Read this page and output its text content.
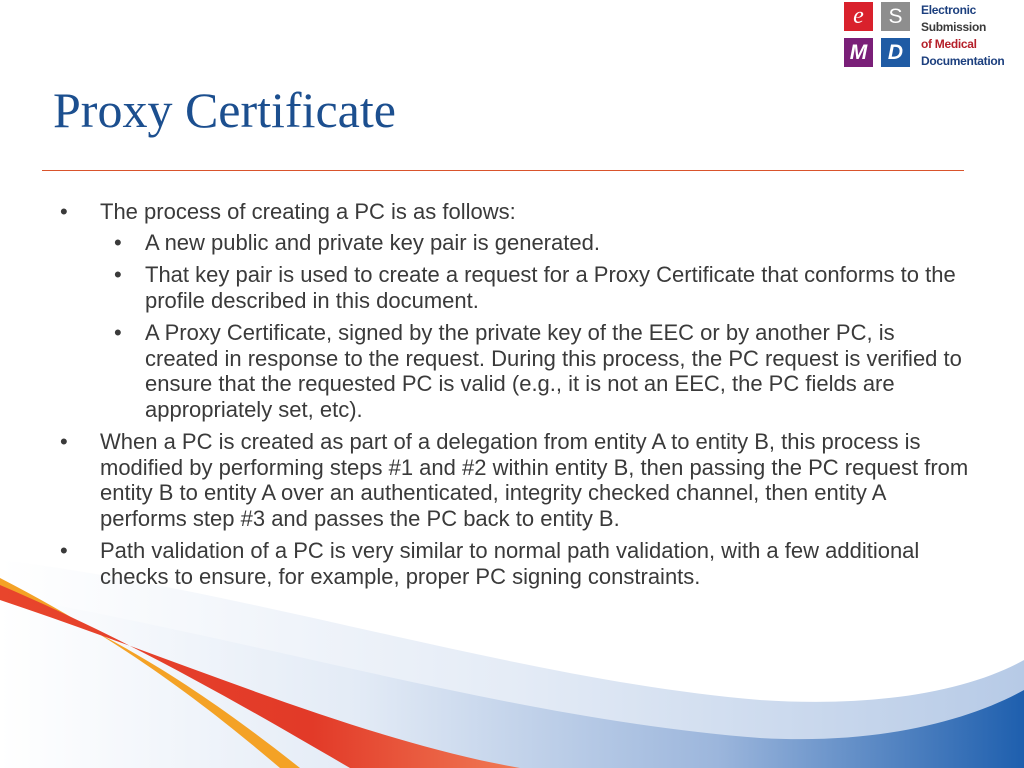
e	S
M D
Electronic
Submission
of Medical
Documentation
Proxy Certificate
• The process of creating a PC is as follows:
• A new public and private key pair is generated.
• That key pair is used to create a request for a Proxy Certificate that conforms to the profile described in this document.
• A Proxy Certificate, signed by the private key of the EEC or by another PC, is created in response to the request. During this process, the PC request is verified to ensure that the requested PC is valid (e.g., it is not an EEC, the PC fields are appropriately set, etc).
• When a PC is created as part of a delegation from entity A to entity B, this process is modified by performing steps #1 and #2 within entity B, then passing the PC request from entity B to entity A over an authenticated, integrity checked channel, then entity A performs step #3 and passes the PC back to entity B.
• Path validation of a PC is very similar to normal path validation, with a few additional checks to ensure, for example, proper PC signing constraints.
